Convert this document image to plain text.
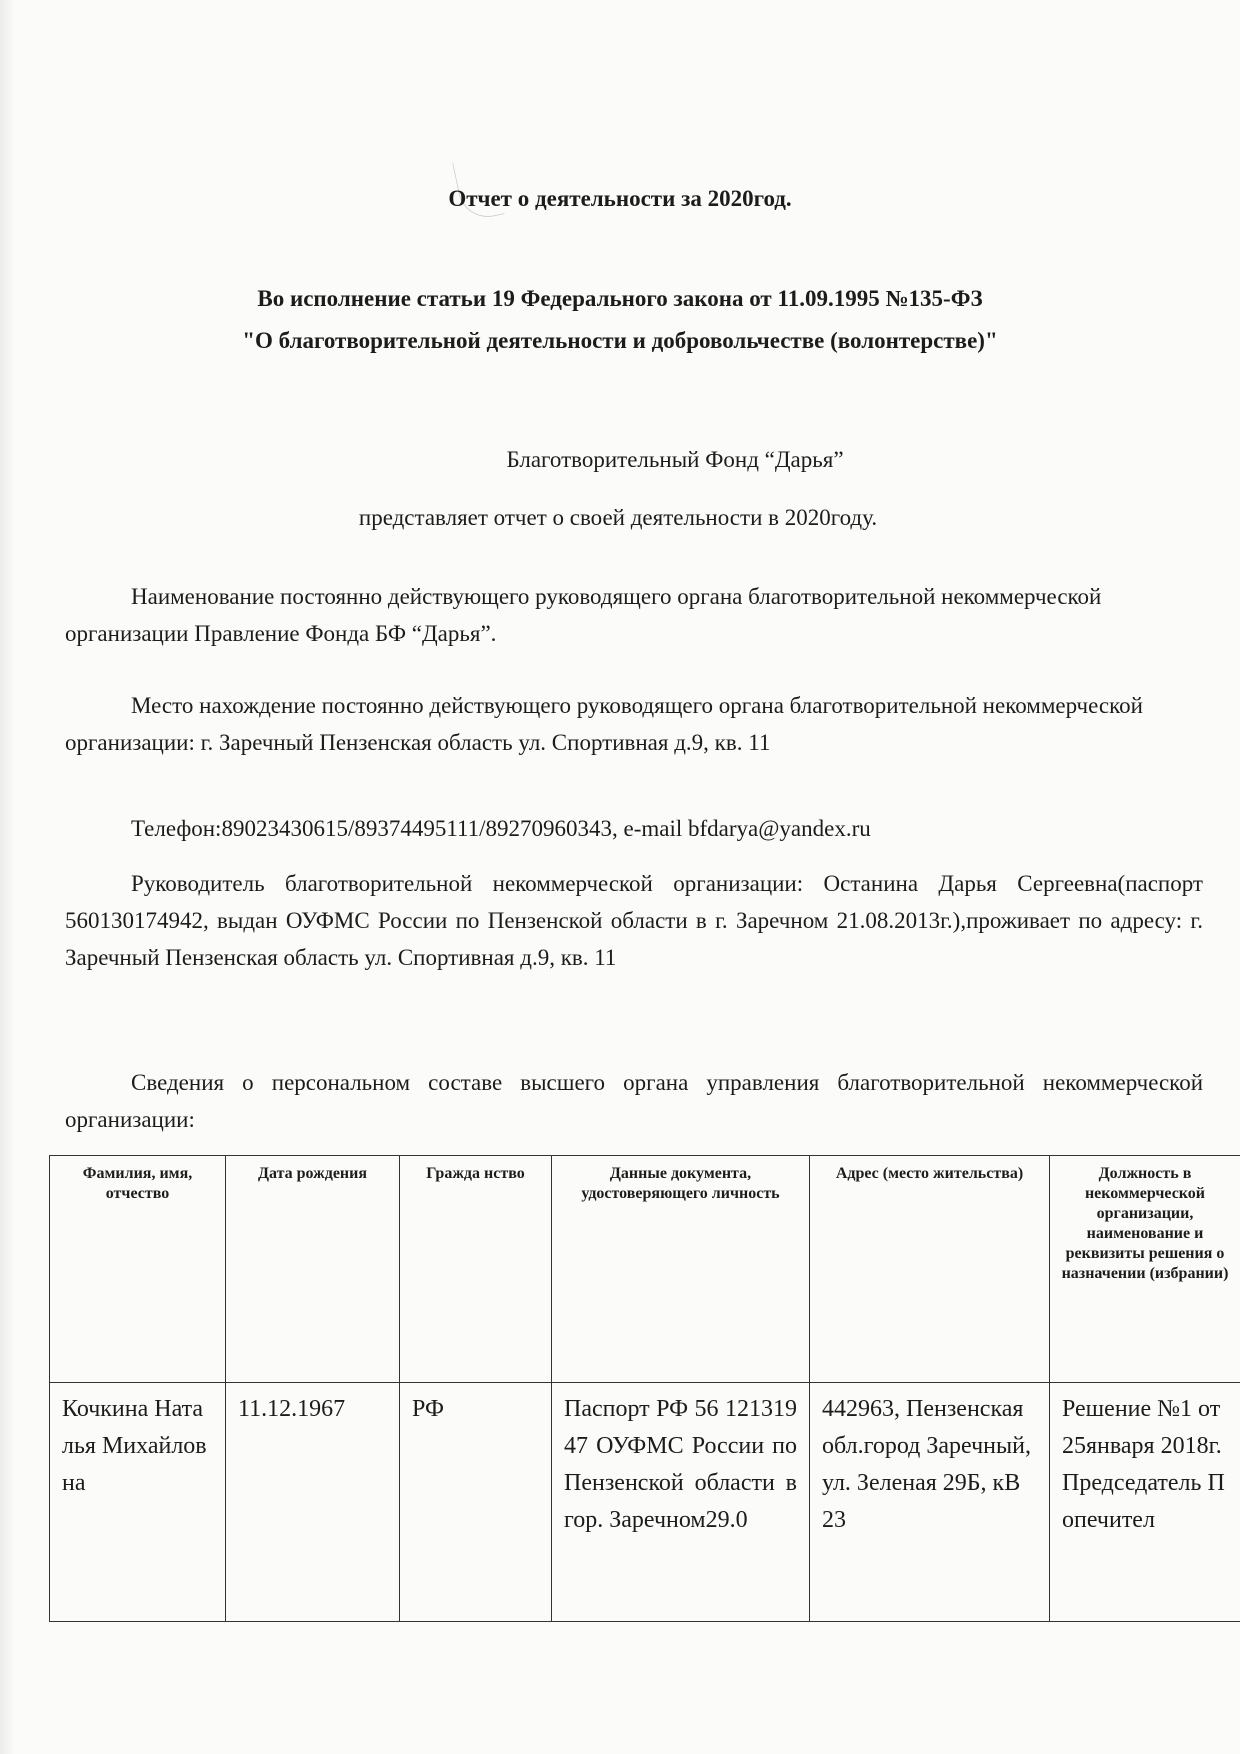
Отчет о деятельности за 2020год.
Во исполнение статьи 19 Федерального закона от 11.09.1995 №135-ФЗ
"О благотворительной деятельности и добровольчестве (волонтерстве)"
Благотворительный Фонд “Дарья”
представляет отчет о своей деятельности в 2020году.
Наименование постоянно действующего руководящего органа благотворительной некоммерческой организации Правление Фонда БФ “Дарья”.
Место нахождение постоянно действующего руководящего органа благотворительной некоммерческой организации: г. Заречный Пензенская область ул. Спортивная д.9, кв. 11
Телефон:89023430615/89374495111/89270960343, e-mail bfdarya@yandex.ru
Руководитель благотворительной некоммерческой организации: Останина Дарья Сергеевна(паспорт 560130174942, выдан ОУФМС России по Пензенской области в г. Заречном 21.08.2013г.),проживает по адресу: г. Заречный Пензенская область ул. Спортивная д.9, кв. 11
Сведения о персональном составе высшего органа управления благотворительной некоммерческой организации:
Фамилия, имя, отчество	Дата рождения	Гражда нство	Данные документа, удостоверяющего личность	Адрес (место жительства)	Должность в некоммерческой организации, наименование и реквизиты решения о назначении (избрании)
Кочкина Наталья Михайловна	11.12.1967	РФ	Паспорт РФ 56 12131947 ОУФМС России по Пензенской области в гор. Заречном29.0	442963, Пензенская обл.город Заречный, ул. Зеленая 29Б, кВ 23	Решение №1 от 25января 2018г. Председатель Попечител
